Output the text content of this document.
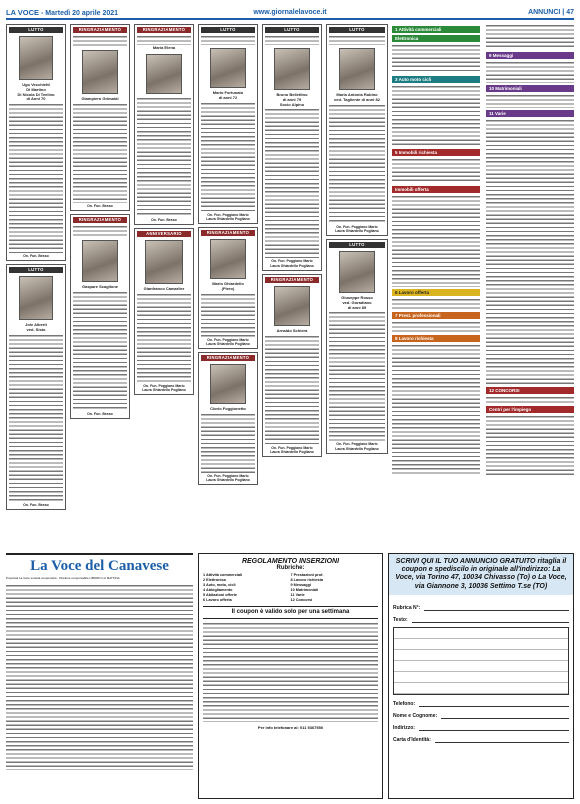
LA VOCE - Martedì 20 aprile 2021	www.giornalelavoce.it	ANNUNCI | 47
LUTTO
Ugo Vecchietti
Di Martino
Di Nicola Di Teelino
di Anni 70
On. Fun. Besso
LUTTO
Jole Alberti
ved. Sisto
On. Fun. Besso
RINGRAZIAMENTO
Giampiero Grimaldi
On. Fun. Besso
RINGRAZIAMENTO
Gaspare Scaglione
On. Fun. Besso
RINGRAZIAMENTO
Maria Elena
On. Fun. Besso
ANNIVERSARIO
Gianfranco Camarlier
On. Fun. Poggiano Mario
Laura Ghiardello Pogliano
LUTTO
Mario Fortunato
di anni 72
On. Fun. Poggiano Mario
Laura Ghiardello Pogliano
RINGRAZIAMENTO
Mario Ghiardello
(Piero)
On. Fun. Poggiano Mario
Laura Ghiardello Pogliano
RINGRAZIAMENTO
Clorio Foggionetto
On. Fun. Poggiano Mario
Laura Ghiardello Pogliano
LUTTO
Bruno Bellettino
di anni 79
Socio Alpino
On. Fun. Poggiano Mario
Laura Ghiardello Pogliano
RINGRAZIAMENTO
Arnaldo Schiera
On. Fun. Poggiano Mario
Laura Ghiardello Pogliano
LUTTO
Maria Antonia Rubino
ved. Tagliente di anni 82
On. Fun. Poggiano Mario
Laura Ghiardello Pogliano
LUTTO
Giuseppe Rosso
ved. Goradiano
di anni 89
On. Fun. Poggiano Mario
Laura Ghiardello Pogliano
1 Attività commerciali
Elettronica
3 Auto moto cicli
5 Immobili richiesta
Immobili offerta
6 Lavoro offerta
7 Prest. professionali
8 Lavoro richiesta
9 Messaggi
10 Matrimoniali
11 Varie
12 CONCORSI
Centri per l'impiego
La Voce del Canavese
Proprietà La Voce società cooperativa · Direttore responsabile LIBORIO LA MATTINA
REGOLAMENTO INSERZIONI
Rubriche:
1 Attività commerciali	7 Prestazioni prof.
2 Elettronica	8 Lavoro richiesta
3 Auto, moto, cicli	9 Messaggi
4 Abbigliamento	10 Matrimoniali
5 Abitazioni offerte	11 Varie
6 Lavoro offerta	12 Concorsi
Il coupon è valido solo per una settimana
Per info telefonare al: 011 5367550
SCRIVI QUI IL TUO ANNUNCIO GRATUITO ritaglia il coupon e spediscilo in originale all'indirizzo: La Voce, via Torino 47, 10034 Chivasso (To) o La Voce, via Giannone 3, 10036 Settimo T.se (TO)
Rubrica N°:
Testo:
Telefono:
Nome e Cognome:
Indirizzo:
Carta d'Identità:
